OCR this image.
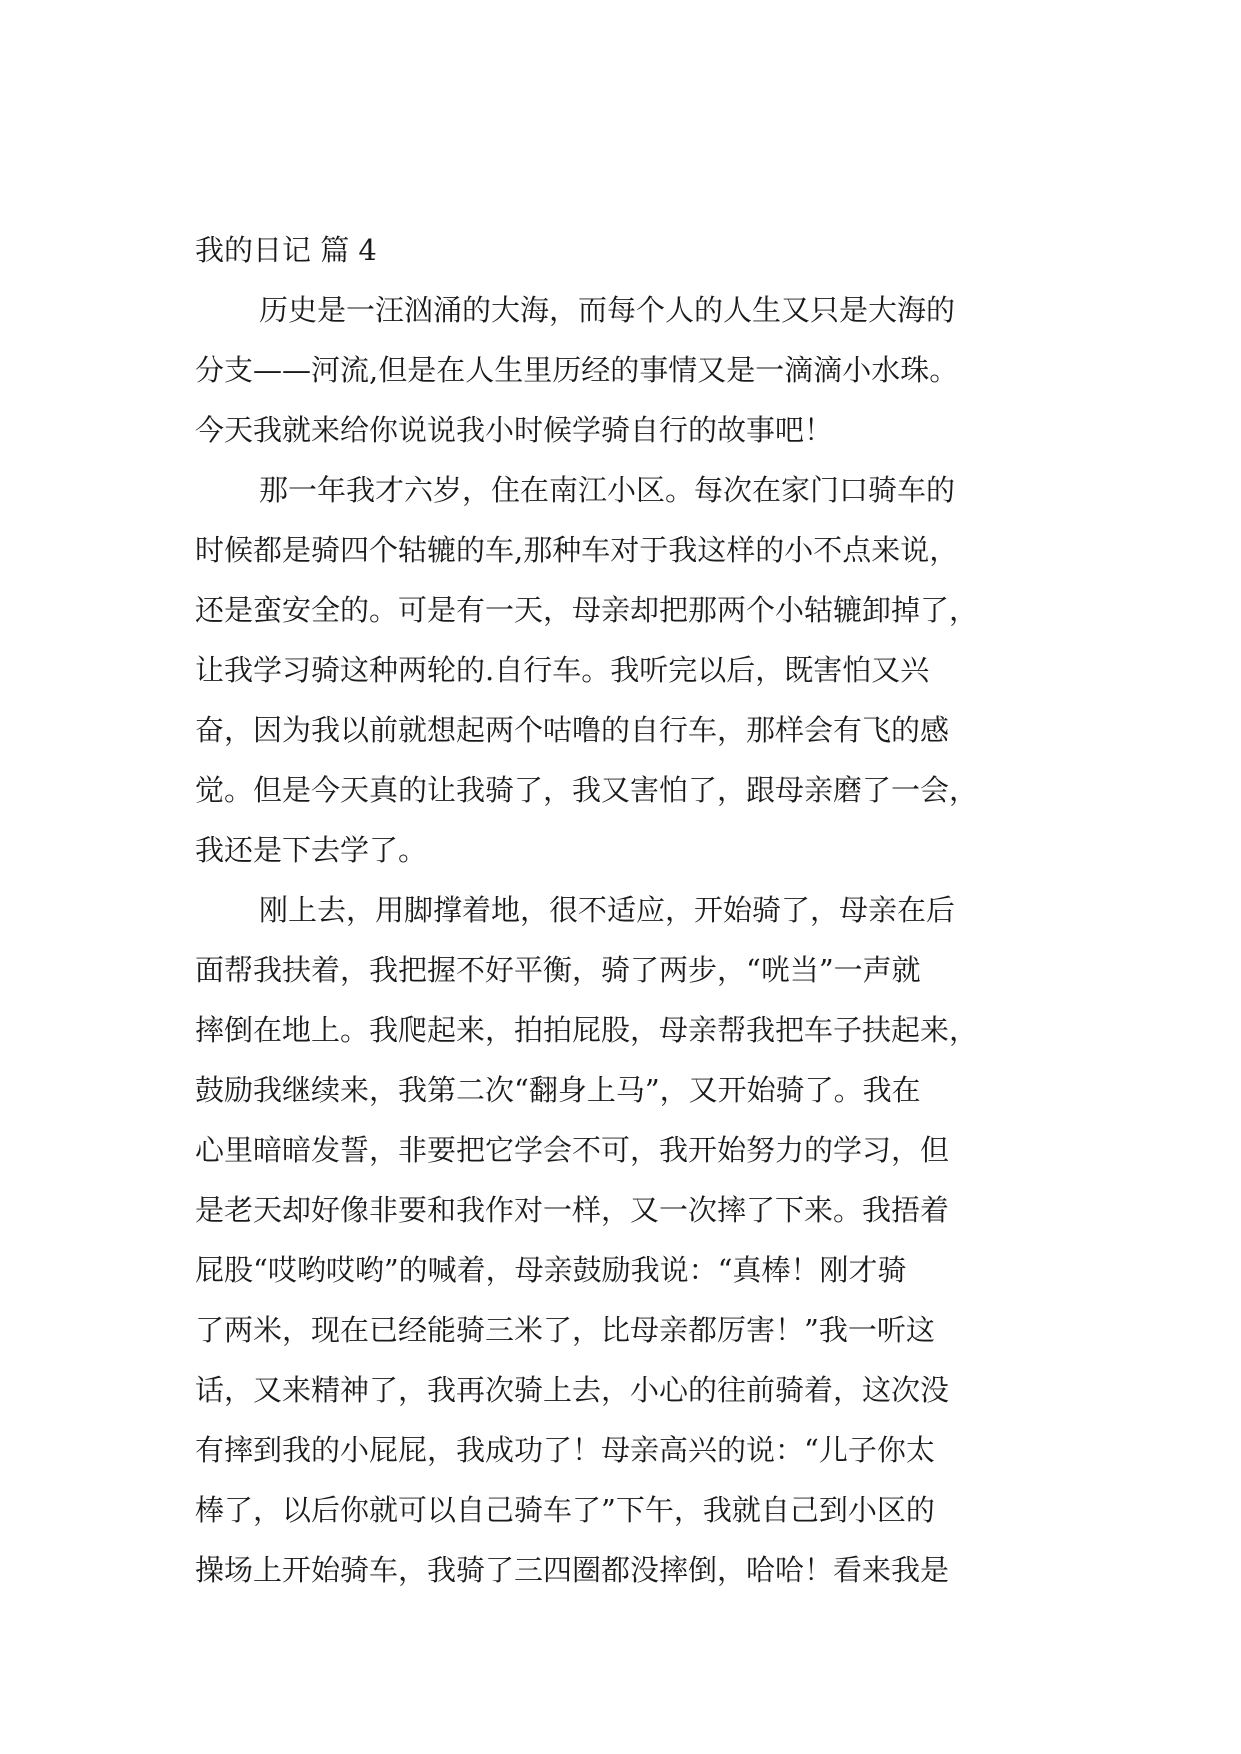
我的日记 篇 4
历史是一汪汹涌的大海，而每个人的人生又只是大海的
分支——河流,但是在人生里历经的事情又是一滴滴小水珠。
今天我就来给你说说我小时候学骑自行的故事吧！
那一年我才六岁，住在南江小区。每次在家门口骑车的
时候都是骑四个轱辘的车,那种车对于我这样的小不点来说，
还是蛮安全的。可是有一天，母亲却把那两个小轱辘卸掉了，
让我学习骑这种两轮的.自行车。我听完以后，既害怕又兴
奋，因为我以前就想起两个咕噜的自行车，那样会有飞的感
觉。但是今天真的让我骑了，我又害怕了，跟母亲磨了一会，
我还是下去学了。
刚上去，用脚撑着地，很不适应，开始骑了，母亲在后
面帮我扶着，我把握不好平衡，骑了两步，“咣当”一声就
摔倒在地上。我爬起来，拍拍屁股，母亲帮我把车子扶起来，
鼓励我继续来，我第二次“翻身上马”，又开始骑了。我在
心里暗暗发誓，非要把它学会不可，我开始努力的学习，但
是老天却好像非要和我作对一样，又一次摔了下来。我捂着
屁股“哎哟哎哟”的喊着，母亲鼓励我说：“真棒！刚才骑
了两米，现在已经能骑三米了，比母亲都厉害！”我一听这
话，又来精神了，我再次骑上去，小心的往前骑着，这次没
有摔到我的小屁屁，我成功了！母亲高兴的说：“儿子你太
棒了，以后你就可以自己骑车了”下午，我就自己到小区的
操场上开始骑车，我骑了三四圈都没摔倒，哈哈！看来我是
